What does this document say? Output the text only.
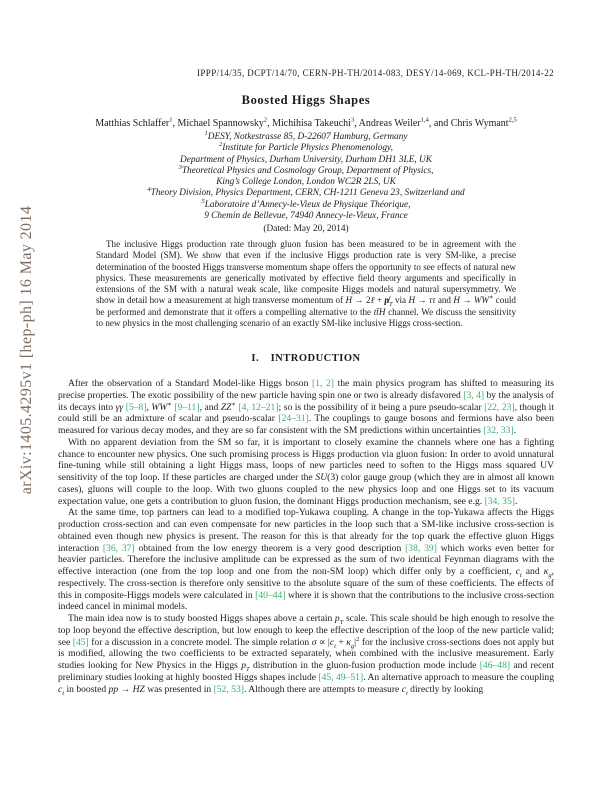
arXiv:1405.4295v1 [hep-ph] 16 May 2014
IPPP/14/35, DCPT/14/70, CERN-PH-TH/2014-083, DESY/14-069, KCL-PH-TH/2014-22
Boosted Higgs Shapes
Matthias Schlaffer$^1$, Michael Spannowsky$^2$, Michihisa Takeuchi$^3$, Andreas Weiler$^{1,4}$, and Chris Wymant$^{2,5}$
$^1$DESY, Notkestrasse 85, D-22607 Hamburg, Germany
$^2$Institute for Particle Physics Phenomenology,
Department of Physics, Durham University, Durham DH1 3LE, UK
$^3$Theoretical Physics and Cosmology Group, Department of Physics,
King’s College London, London WC2R 2LS, UK
$^4$Theory Division, Physics Department, CERN, CH-1211 Geneva 23, Switzerland and
$^5$Laboratoire d’Annecy-le-Vieux de Physique Théorique,
9 Chemin de Bellevue, 74940 Annecy-le-Vieux, France
(Dated: May 20, 2014)
The inclusive Higgs production rate through gluon fusion has been measured to be in agreement with the Standard Model (SM). We show that even if the inclusive Higgs production rate is very SM-like, a precise determination of the boosted Higgs transverse momentum shape offers the opportunity to see effects of natural new physics. These measurements are generically motivated by effective field theory arguments and specifically in extensions of the SM with a natural weak scale, like composite Higgs models and natural supersymmetry. We show in detail how a measurement at high transverse momentum of H → 2ℓ + $p̸_T$ via H → ττ and H → WW∗ could be performed and demonstrate that it offers a compelling alternative to the tt̄H channel. We discuss the sensitivity to new physics in the most challenging scenario of an exactly SM-like inclusive Higgs cross-section.
I.  INTRODUCTION

After the observation of a Standard Model-like Higgs boson [1, 2] the main physics program has shifted to measuring its precise properties. The exotic possibility of the new particle having spin one or two is already disfavored [3, 4] by the analysis of its decays into γγ [5–8], WW∗ [9–11], and ZZ∗ [4, 12–21]; so is the possibility of it being a pure pseudo-scalar [22, 23], though it could still be an admixture of scalar and pseudo-scalar [24–31]. The couplings to gauge bosons and fermions have also been measured for various decay modes, and they are so far consistent with the SM predictions within uncertainties [32, 33].

With no apparent deviation from the SM so far, it is important to closely examine the channels where one has a fighting chance to encounter new physics. One such promising process is Higgs production via gluon fusion: In order to avoid unnatural fine-tuning while still obtaining a light Higgs mass, loops of new particles need to soften to the Higgs mass squared UV sensitivity of the top loop. If these particles are charged under the SU(3) color gauge group (which they are in almost all known cases), gluons will couple to the loop. With two gluons coupled to the new physics loop and one Higgs set to its vacuum expectation value, one gets a contribution to gluon fusion, the dominant Higgs production mechanism, see e.g. [34, 35].

At the same time, top partners can lead to a modified top-Yukawa coupling. A change in the top-Yukawa affects the Higgs production cross-section and can even compensate for new particles in the loop such that a SM-like inclusive cross-section is obtained even though new physics is present. The reason for this is that already for the top quark the effective gluon Higgs interaction [36, 37] obtained from the low energy theorem is a very good description [38, 39] which works even better for heavier particles. Therefore the inclusive amplitude can be expressed as the sum of two identical Feynman diagrams with the effective interaction (one from the top loop and one from the non-SM loop) which differ only by a coefficient, $c_t$ and $\kappa_g$, respectively. The cross-section is therefore only sensitive to the absolute square of the sum of these coefficients. The effects of this in composite-Higgs models were calculated in [40–44] where it is shown that the contributions to the inclusive cross-section indeed cancel in minimal models.

The main idea now is to study boosted Higgs shapes above a certain $p_T$ scale. This scale should be high enough to resolve the top loop beyond the effective description, but low enough to keep the effective description of the loop of the new particle valid; see [45] for a discussion in a concrete model. The simple relation $\sigma \propto |c_t + \kappa_g|^2$ for the inclusive cross-sections does not apply but is modified, allowing the two coefficients to be extracted separately, when combined with the inclusive measurement. Early studies looking for New Physics in the Higgs $p_T$ distribution in the gluon-fusion production mode include [46–48] and recent preliminary studies looking at highly boosted Higgs shapes include [45, 49–51]. An alternative approach to measure the coupling $c_t$ in boosted pp → HZ was presented in [52, 53]. Although there are attempts to measure $c_t$ directly by looking
